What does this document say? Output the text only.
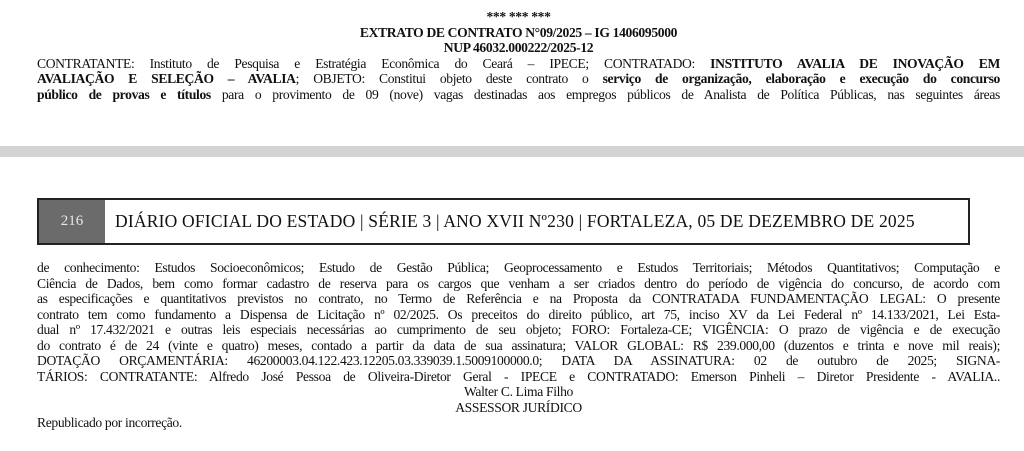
*** *** ***
EXTRATO DE CONTRATO N°09/2025 – IG 1406095000
NUP 46032.000222/2025-12
CONTRATANTE: Instituto de Pesquisa e Estratégia Econômica do Ceará – IPECE; CONTRATADO: INSTITUTO AVALIA DE INOVAÇÃO EM
AVALIAÇÃO E SELEÇÃO – AVALIA; OBJETO: Constitui objeto deste contrato o serviço de organização, elaboração e execução do concurso
público de provas e títulos para o provimento de 09 (nove) vagas destinadas aos empregos públicos de Analista de Política Públicas, nas seguintes áreas
216	DIÁRIO OFICIAL DO ESTADO | SÉRIE 3 | ANO XVII Nº230 | FORTALEZA, 05 DE DEZEMBRO DE 2025
de conhecimento: Estudos Socioeconômicos; Estudo de Gestão Pública; Geoprocessamento e Estudos Territoriais; Métodos Quantitativos; Computação e
Ciência de Dados, bem como formar cadastro de reserva para os cargos que venham a ser criados dentro do período de vigência do concurso, de acordo com
as especificações e quantitativos previstos no contrato, no Termo de Referência e na Proposta da CONTRATADA FUNDAMENTAÇÃO LEGAL: O presente
contrato tem como fundamento a Dispensa de Licitação nº 02/2025. Os preceitos do direito público, art 75, inciso XV da Lei Federal nº 14.133/2021, Lei Esta-
dual nº 17.432/2021 e outras leis especiais necessárias ao cumprimento de seu objeto; FORO: Fortaleza-CE; VIGÊNCIA: O prazo de vigência e de execução
do contrato é de 24 (vinte e quatro) meses, contado a partir da data de sua assinatura; VALOR GLOBAL: R$ 239.000,00 (duzentos e trinta e nove mil reais);
DOTAÇÃO ORÇAMENTÁRIA: 46200003.04.122.423.12205.03.339039.1.5009100000.0; DATA DA ASSINATURA: 02 de outubro de 2025; SIGNA-
TÁRIOS: CONTRATANTE: Alfredo José Pessoa de Oliveira-Diretor Geral - IPECE e CONTRATADO: Emerson Pinheli – Diretor Presidente - AVALIA..
Walter C. Lima Filho
ASSESSOR JURÍDICO
Republicado por incorreção.
